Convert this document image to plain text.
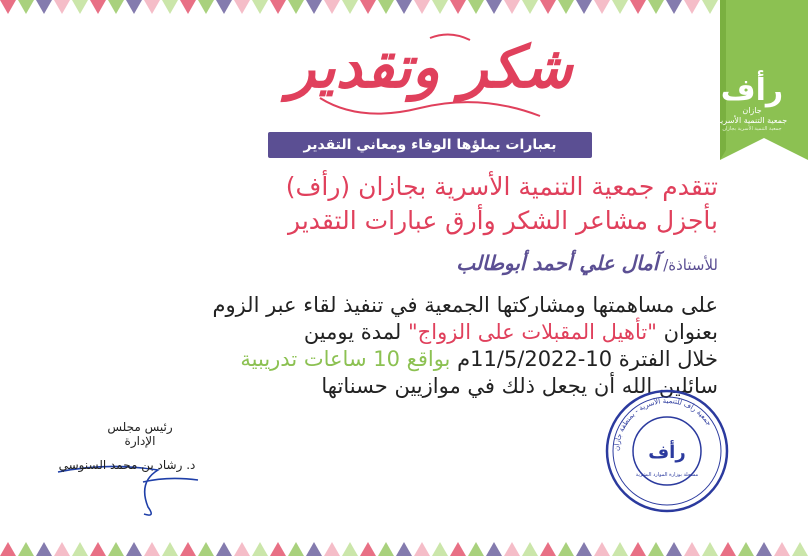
رأف
جازان
جمعية التنمية الأسرية
جمعية التنمية الأسرية بجازان
شكر وتقدير
بعبارات يملؤها الوفاء ومعاني التقدير
تتقدم جمعية التنمية الأسرية بجازان (رأف)
بأجزل مشاعر الشكر وأرق عبارات التقدير
للأستاذة/ آمال علي أحمد أبوطالب
على مساهمتها ومشاركتها الجمعية في تنفيذ لقاء عبر الزوم
بعنوان "تأهيل المقبلات على الزواج" لمدة يومين
خلال الفترة 10-11/5/2022م بواقع 10 ساعات تدريبية
سائلين الله أن يجعل ذلك في موازيين حسناتها
رئيس مجلس الإدارة
د. رشاد بن محمد السنوسي
جمعية رأف للتنمية الأسرية - بمنطقة جازان
رأف
مسجلة بوزارة الموارد البشرية
